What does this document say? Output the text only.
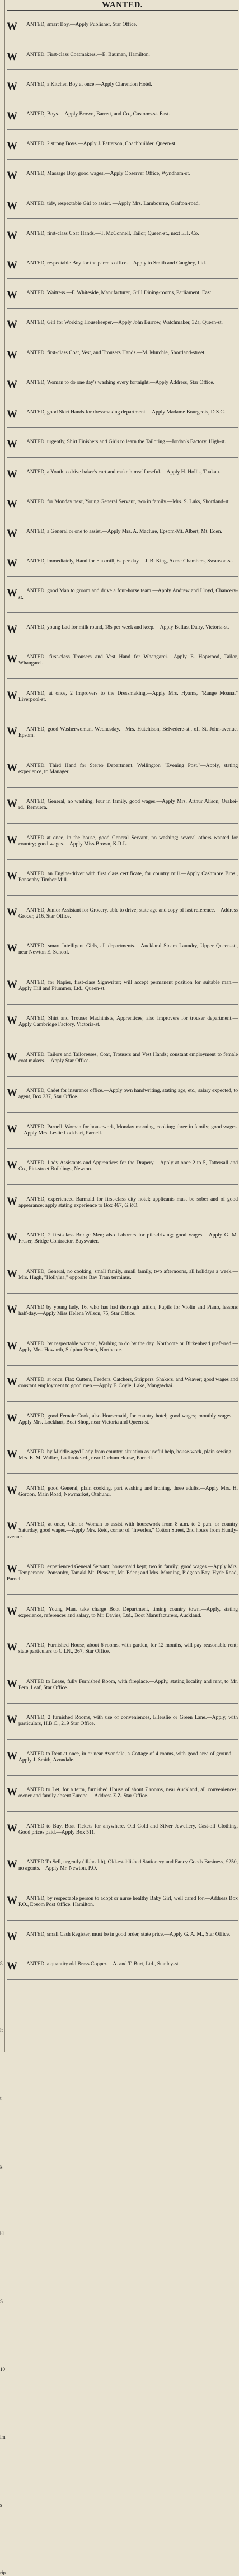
g
lt
t
g
bl
S
10
lm
s
rip
WANTED.
W ANTED, smart Boy.—Apply Publisher, Star Office.
W ANTED, First-class Coatmakers.—E. Bauman, Hamilton.
W ANTED, a Kitchen Boy at once.—Apply Clarendon Hotel.
W ANTED, Boys.—Apply Brown, Barrett, and Co., Customs-st. East.
W ANTED, 2 strong Boys.—Apply J. Patterson, Coachbuilder, Queen-st.
W ANTED, Massage Boy, good wages.—Apply Observer Office, Wyndham-st.
W ANTED, tidy, respectable Girl to assist. —Apply Mrs. Lambourne, Grafton-road.
W ANTED, first-class Coat Hands.—T. McConnell, Tailor, Queen-st., next E.T. Co.
W ANTED, respectable Boy for the parcels office.—Apply to Smith and Caughey, Ltd.
W ANTED, Waitress.—F. Whiteside, Manufacturer, Grill Dining-rooms, Parliament, East.
W ANTED, Girl for Working Housekeeper.—Apply John Burrow, Watchmaker, 32a, Queen-st.
W ANTED, first-class Coat, Vest, and Trousers Hands.—M. Murchie, Shortland-street.
W ANTED, Woman to do one day's washing every fortnight.—Apply Address, Star Office.
W ANTED, good Skirt Hands for dressmaking department.—Apply Madame Bourgeois, D.S.C.
W ANTED, urgently, Shirt Finishers and Girls to learn the Tailoring.—Jordan's Factory, High-st.
W ANTED, a Youth to drive baker's cart and make himself useful.—Apply H. Hollis, Tuakau.
W ANTED, for Monday next, Young General Servant, two in family.—Mrs. S. Luks, Shortland-st.
W ANTED, a General or one to assist.—Apply Mrs. A. Maclure, Epsom-Mt. Albert, Mt. Eden.
W ANTED, immediately, Hand for Flaxmill, 6s per day.—J. B. King, Acme Chambers, Swanson-st.
W ANTED, good Man to groom and drive a four-horse team.—Apply Andrew and Lloyd, Chancery-st.
W ANTED, young Lad for milk round, 18s per week and keep.—Apply Belfast Dairy, Victoria-st.
W ANTED, first-class Trousers and Vest Hand for Whangarei.—Apply E. Hopwood, Tailor, Whangarei.
W ANTED, at once, 2 Improvers to the Dressmaking.—Apply Mrs. Hyams, "Range Moana," Liverpool-st.
W ANTED, good Washerwoman, Wednesday.—Mrs. Hutchison, Belvedere-st., off St. John-avenue, Epsom.
W ANTED, Third Hand for Stereo Department, Wellington "Evening Post."—Apply, stating experience, to Manager.
W ANTED, General, no washing, four in family, good wages.—Apply Mrs. Arthur Alison, Orakei-rd., Remuera.
W ANTED at once, in the house, good General Servant, no washing; several others wanted for country; good wages.—Apply Miss Brown, K.R.L.
W ANTED, an Engine-driver with first class certificate, for country mill.—Apply Cashmore Bros., Ponsonby Timber Mill.
W ANTED, Junior Assistant for Grocery, able to drive; state age and copy of last reference.—Address Grocer, 216, Star Office.
W ANTED, smart Intelligent Girls, all departments.—Auckland Steam Laundry, Upper Queen-st., near Newton E. School.
W ANTED, for Napier, first-class Signwriter; will accept permanent position for suitable man.—Apply Hill and Plummer, Ltd., Queen-st.
W ANTED, Shirt and Trouser Machinists, Apprentices; also Improvers for trouser department.—Apply Cambridge Factory, Victoria-st.
W ANTED, Tailors and Tailoresses, Coat, Trousers and Vest Hands; constant employment to female coat makers.—Apply Star Office.
W ANTED, Cadet for insurance office.—Apply own handwriting, stating age, etc., salary expected, to agent, Box 237, Star Office.
W ANTED, Parnell, Woman for housework, Monday morning, cooking; three in family; good wages.—Apply Mrs. Leslie Lockhart, Parnell.
W ANTED, Lady Assistants and Apprentices for the Drapery.—Apply at once 2 to 5, Tattersall and Co., Pitt-street Buildings, Newton.
W ANTED, experienced Barmaid for first-class city hotel; applicants must be sober and of good appearance; apply stating experience to Box 467, G.P.O.
W ANTED, 2 first-class Bridge Men; also Laborers for pile-driving; good wages.—Apply G. M. Fraser, Bridge Contractor, Bayswater.
W ANTED, General, no cooking, small family, small family, two afternoons, all holidays a week.—Mrs. Hugh, "Hollylea," opposite Bay Tram terminus.
W ANTED by young lady, 16, who has had thorough tuition, Pupils for Violin and Piano, lessons half-day.—Apply Miss Helena Wilson, 75, Star Office.
W ANTED, by respectable woman, Washing to do by the day. Northcote or Birkenhead preferred.—Apply Mrs. Howarth, Sulphur Beach, Northcote.
W ANTED, at once, Flax Cutters, Feeders, Catchers, Strippers, Shakers, and Weaver; good wages and constant employment to good men.—Apply F. Coyle, Lake, Mangawhai.
W ANTED, good Female Cook, also Housemaid, for country hotel; good wages; monthly wages.—Apply Mrs. Lockhart, Boat Shop, near Victoria and Queen-st.
W ANTED, by Middle-aged Lady from country, situation as useful help, house-work, plain sewing.—Mrs. E. M. Walker, Ladbroke-rd., near Durham House, Parnell.
W ANTED, good General, plain cooking, part washing and ironing, three adults.—Apply Mrs. H. Gordon, Main Road, Newmarket, Otahuhu.
W ANTED, at once, Girl or Woman to assist with housework from 8 a.m. to 2 p.m. or country Saturday, good wages.—Apply Mrs. Reid, corner of "Inverlea," Cotton Street, 2nd house from Huntly-avenue.
W ANTED, experienced General Servant; housemaid kept; two in family; good wages.—Apply Mrs. Temperance, Ponsonby, Tamaki Mt. Pleasant, Mt. Eden; and Mrs. Morning, Pidgeon Bay, Hyde Road, Parnell.
W ANTED, Young Man, take charge Boot Department, timing country town.—Apply, stating experience, references and salary, to Mr. Davies, Ltd., Boot Manufacturers, Auckland.
W ANTED, Furnished House, about 6 rooms, with garden, for 12 months, will pay reasonable rent; state particulars to C.I.N., 267, Star Office.
W ANTED to Lease, fully Furnished Room, with fireplace.—Apply, stating locality and rent, to Mr. Fern, Leaf, Star Office.
W ANTED, 2 furnished Rooms, with use of conveniences, Ellerslie or Green Lane.—Apply, with particulars, H.B.C., 219 Star Office.
W ANTED to Rent at once, in or near Avondale, a Cottage of 4 rooms, with good area of ground.—Apply J. Smith, Avondale.
W ANTED to Let, for a term, furnished House of about 7 rooms, near Auckland, all conveniences; owner and family absent Europe.—Address Z.Z. Star Office.
W ANTED to Buy, Boat Tickets for anywhere. Old Gold and Silver Jewellery, Cast-off Clothing. Good prices paid.—Apply Box 511.
W ANTED To Sell, urgently (ill-health), Old-established Stationery and Fancy Goods Business, £250, no agents.—Apply Mr. Newton, P.O.
W ANTED, by respectable person to adopt or nurse healthy Baby Girl, well cared for.—Address Box P.O., Epsom Post Office, Hamilton.
W ANTED, small Cash Register, must be in good order, state price.—Apply G. A. M., Star Office.
W ANTED, a quantity old Brass Copper.—A. and T. Burt, Ltd., Stanley-st.
